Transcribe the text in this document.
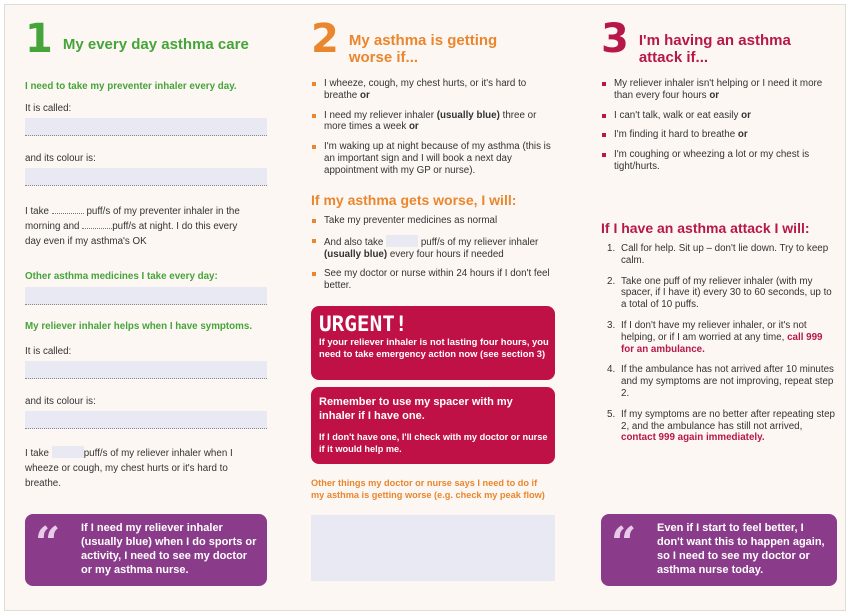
1 My every day asthma care
I need to take my preventer inhaler every day.
It is called:
and its colour is:
I take	puff/s of my preventer inhaler in the
morning and	puff/s at night. I do this every
day even if my asthma's OK
Other asthma medicines I take every day:
My reliever inhaler helps when I have symptoms.
It is called:
and its colour is:
I take	puff/s of my reliever inhaler when I
wheeze or cough, my chest hurts or it's hard to
breathe.
“ If I need my reliever inhaler (usually blue) when I do sports or activity, I need to see my doctor or my asthma nurse.
2 My asthma is getting
worse if...
I wheeze, cough, my chest hurts, or it's hard to breathe or
I need my reliever inhaler (usually blue) three or more times a week or
I'm waking up at night because of my asthma (this is an important sign and I will book a next day appointment with my GP or nurse).
If my asthma gets worse, I will:
Take my preventer medicines as normal
And also take	puff/s of my reliever inhaler (usually blue) every four hours if needed
See my doctor or nurse within 24 hours if I don't feel better.
URGENT!
If your reliever inhaler is not lasting four hours, you need to take emergency action now (see section 3)
Remember to use my spacer with my inhaler if I have one.
If I don't have one, I'll check with my doctor or nurse if it would help me.
Other things my doctor or nurse says I need to do if my asthma is getting worse (e.g. check my peak flow)
3 I'm having an asthma
attack if...
My reliever inhaler isn't helping or I need it more than every four hours or
I can't talk, walk or eat easily or
I'm finding it hard to breathe or
I'm coughing or wheezing a lot or my chest is tight/hurts.
If I have an asthma attack I will:
1. Call for help. Sit up – don't lie down. Try to keep calm.
2. Take one puff of my reliever inhaler (with my spacer, if I have it) every 30 to 60 seconds, up to a total of 10 puffs.
3. If I don't have my reliever inhaler, or it's not helping, or if I am worried at any time, call 999 for an ambulance.
4. If the ambulance has not arrived after 10 minutes and my symptoms are not improving, repeat step 2.
5. If my symptoms are no better after repeating step 2, and the ambulance has still not arrived, contact 999 again immediately.
“ Even if I start to feel better, I don't want this to happen again, so I need to see my doctor or asthma nurse today.
